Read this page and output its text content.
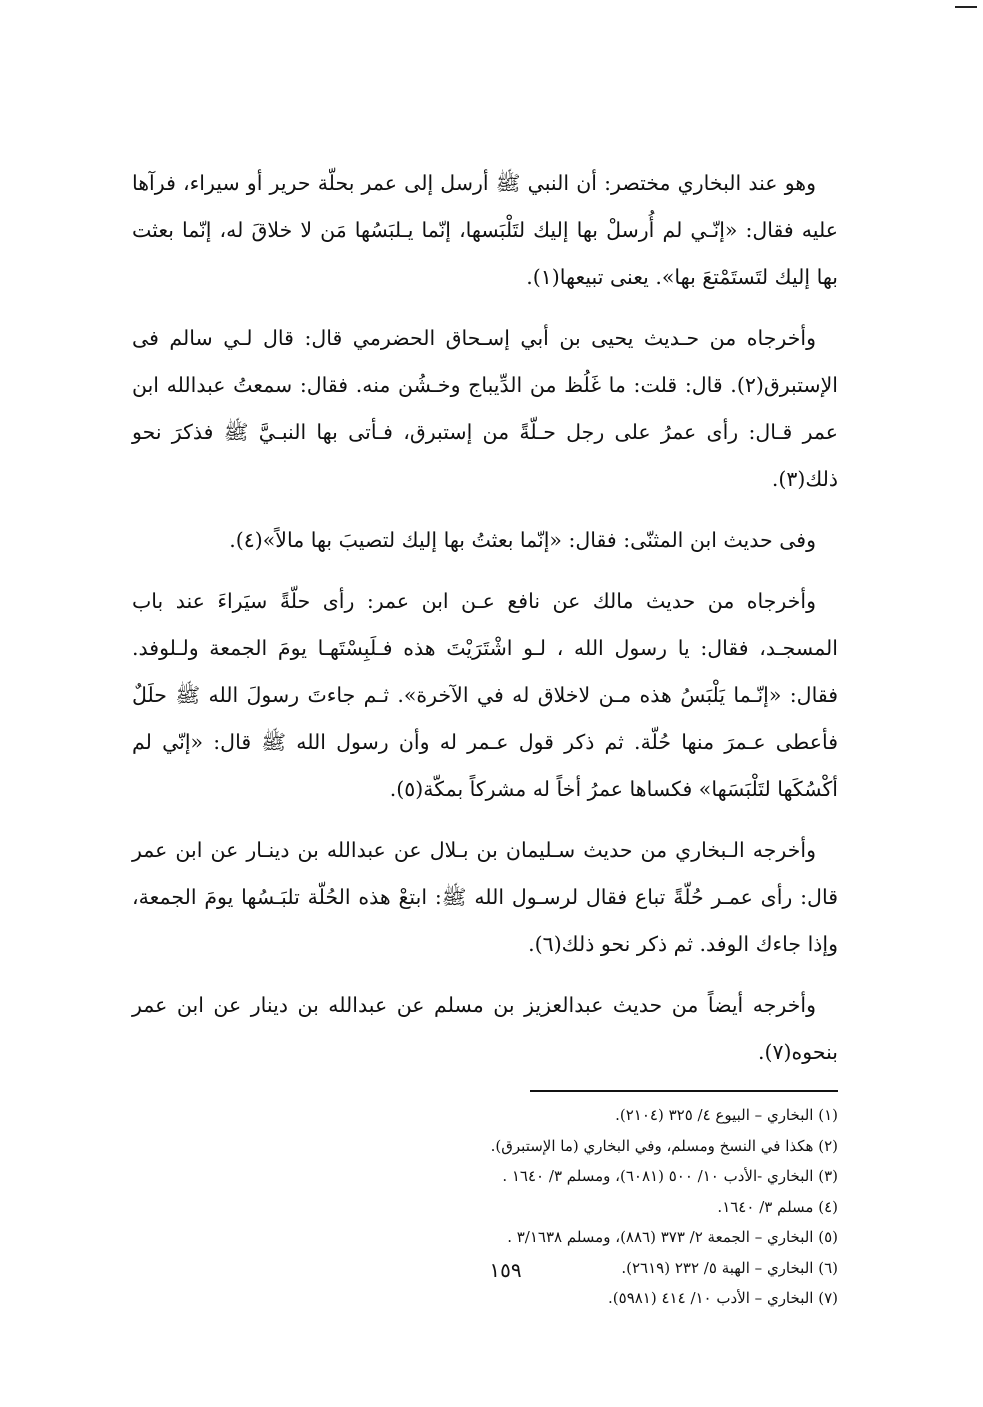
وهو عند البخاري مختصر: أن النبي ﷺ أرسل إلى عمر بحلّة حرير أو سيراء، فرآها عليه فقال: «إنّـي لم أُرسلْ بها إليك لتَلْبَسها، إنّما يـلبَسُها مَن لا خلاقَ له، إنّما بعثت بها إليك لتَستَمْتعَ بها». يعنى تبيعها(١).

وأخرجاه من حـديث يحيى بن أبي إسـحاق الحضرمي قال: قال لـي سالم فى الإستبرق(٢). قال: قلت: ما غَلُظ من الدِّيباج وخـشُن منه. فقال: سمعتُ عبدالله ابن عمر قـال: رأى عمرُ على رجل حـلّةً من إستبرق، فـأتى بها النبـيَّ ﷺ فذكرَ نحو ذلك(٣).

وفى حديث ابن المثنّى: فقال: «إنّما بعثتُ بها إليك لتصيبَ بها مالاً»(٤).

وأخرجاه من حديث مالك عن نافع عـن ابن عمر: رأى حلّةً سيَراءَ عند باب المسجـد، فقال: يا رسول الله ، لـو اشْتَرَيْتَ هذه فـلَبِسْتَهـا يومَ الجمعة ولـلوفد. فقال: «إنّـما يَلْبَسُ هذه مـن لاخلاق له في الآخرة». ثـم جاءتَ رسولَ الله ﷺ حلَلٌ فأعطى عـمرَ منها حُلّة. ثم ذكر قول عـمر له وأن رسول الله ﷺ قال: «إنّي لم أكْسُكَها لتَلْبَسَها» فكساها عمرُ أخاً له مشركاً بمكّة(٥).

وأخرجه الـبخاري من حديث سـليمان بن بـلال عن عبدالله بن دينـار عن ابن عمر قال: رأى عمـر حُلّةً تباع فقال لرسـول الله ﷺ: ابتعْ هذه الحُلّة تلبَـسُها يومَ الجمعة، وإذا جاءك الوفد. ثم ذكر نحو ذلك(٦).

وأخرجه أيضاً من حديث عبدالعزيز بن مسلم عن عبدالله بن دينار عن ابن عمر بنحوه(٧).

(١) البخاري – البيوع ٤/ ٣٢٥ (٢١٠٤).

(٢) هكذا في النسخ ومسلم، وفي البخاري (ما الإستبرق).

(٣) البخاري -الأدب ١٠/ ٥٠٠ (٦٠٨١)، ومسلم ٣/ ١٦٤٠ .

(٤) مسلم ٣/ ١٦٤٠.

(٥) البخاري – الجمعة ٢/ ٣٧٣ (٨٨٦)، ومسلم ٣/١٦٣٨ .

(٦) البخاري – الهبة ٥/ ٢٣٢ (٢٦١٩).

(٧) البخاري – الأدب ١٠/ ٤١٤ (٥٩٨١).

١٥٩
